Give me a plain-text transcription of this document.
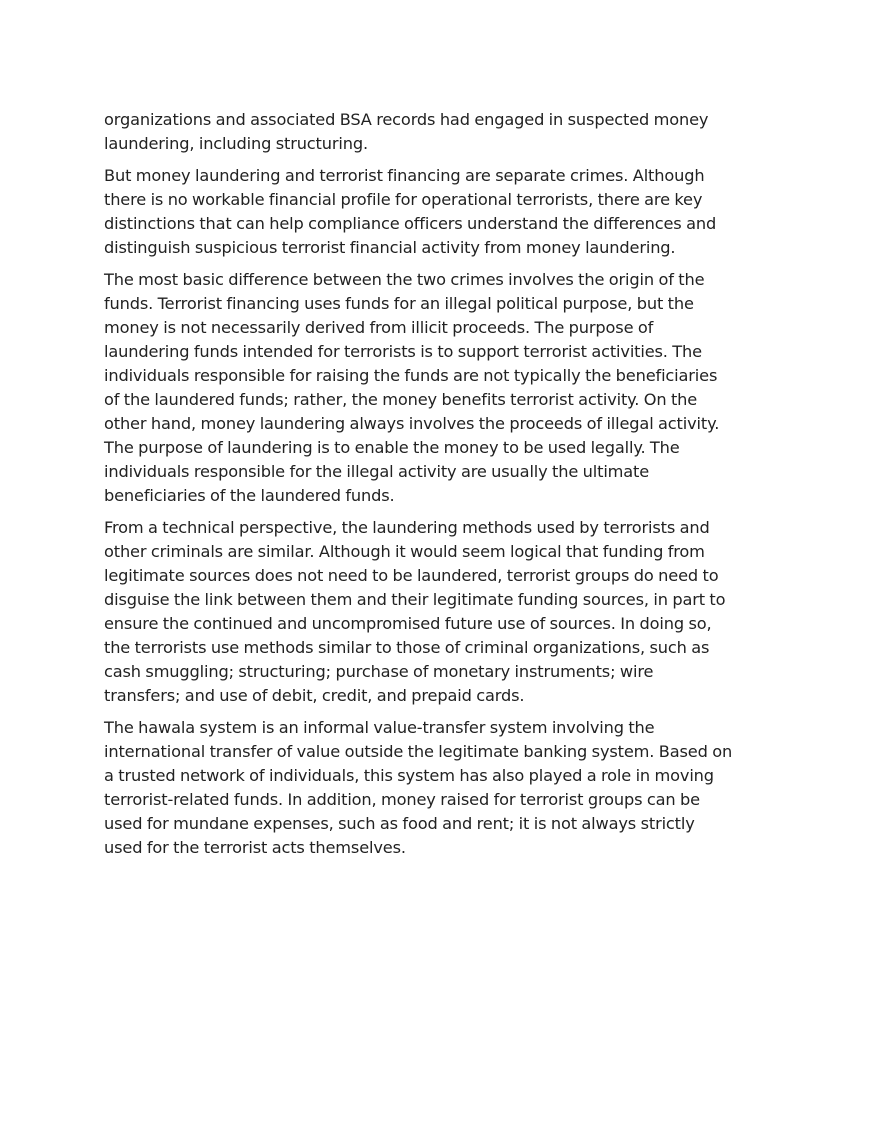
organizations and associated BSA records had engaged in suspected money
laundering, including structuring.

But money laundering and terrorist financing are separate crimes. Although
there is no workable financial profile for operational terrorists, there are key
distinctions that can help compliance officers understand the differences and
distinguish suspicious terrorist financial activity from money laundering.

The most basic difference between the two crimes involves the origin of the
funds. Terrorist financing uses funds for an illegal political purpose, but the
money is not necessarily derived from illicit proceeds. The purpose of
laundering funds intended for terrorists is to support terrorist activities. The
individuals responsible for raising the funds are not typically the beneficiaries
of the laundered funds; rather, the money benefits terrorist activity. On the
other hand, money laundering always involves the proceeds of illegal activity.
The purpose of laundering is to enable the money to be used legally. The
individuals responsible for the illegal activity are usually the ultimate
beneficiaries of the laundered funds.

From a technical perspective, the laundering methods used by terrorists and
other criminals are similar. Although it would seem logical that funding from
legitimate sources does not need to be laundered, terrorist groups do need to
disguise the link between them and their legitimate funding sources, in part to
ensure the continued and uncompromised future use of sources. In doing so,
the terrorists use methods similar to those of criminal organizations, such as
cash smuggling; structuring; purchase of monetary instruments; wire
transfers; and use of debit, credit, and prepaid cards.

The hawala system is an informal value-transfer system involving the
international transfer of value outside the legitimate banking system. Based on
a trusted network of individuals, this system has also played a role in moving
terrorist-related funds. In addition, money raised for terrorist groups can be
used for mundane expenses, such as food and rent; it is not always strictly
used for the terrorist acts themselves.
